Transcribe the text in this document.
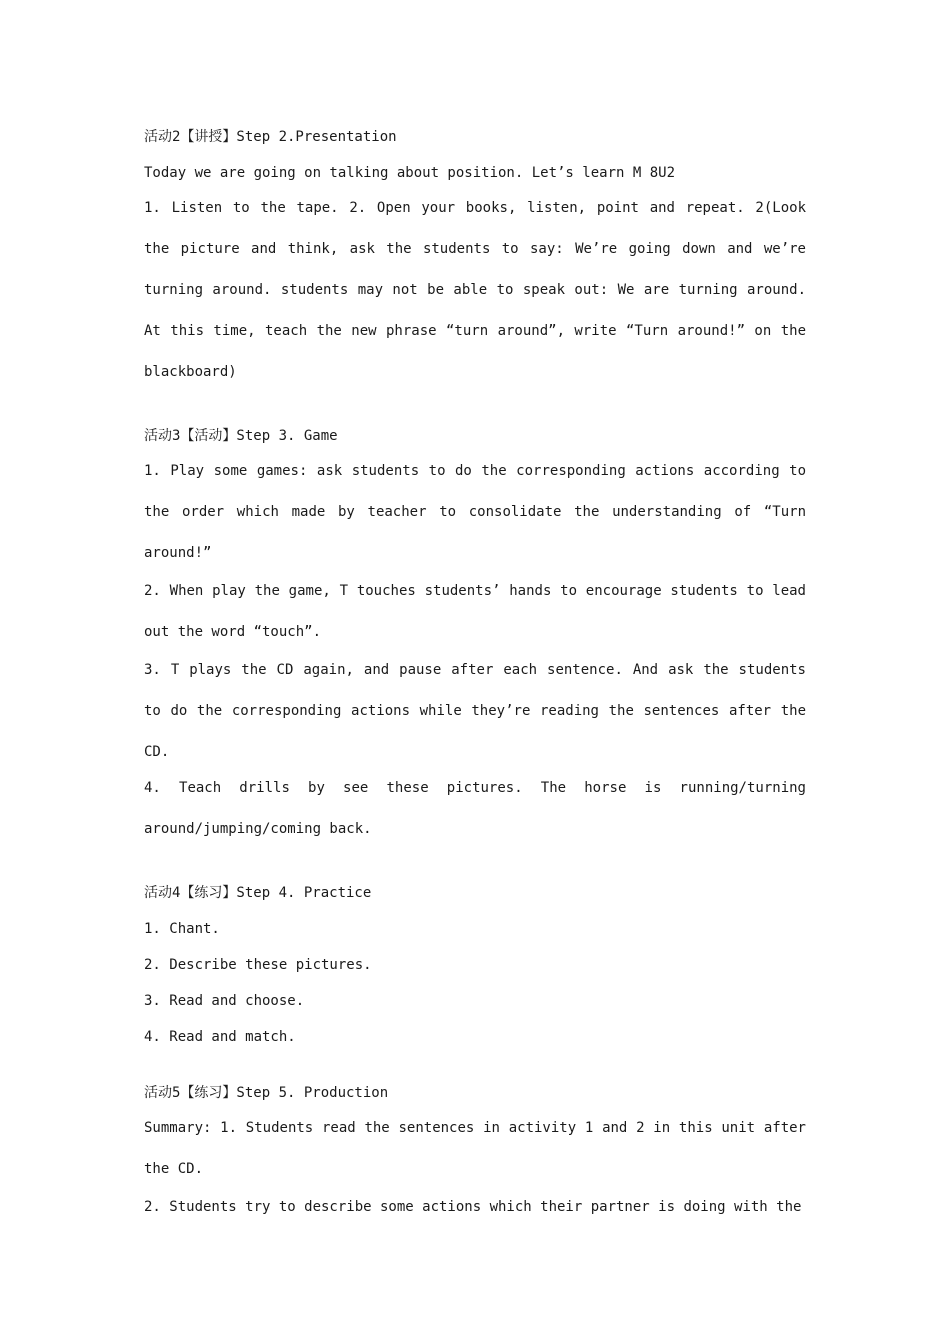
活动2【讲授】Step 2.Presentation

Today we are going on talking about position. Let’s learn M 8U2

1. Listen to the tape. 2. Open your books, listen, point and repeat. 2(Look the picture and think, ask the students to say: We’re going down and we’re turning around. students may not be able to speak out: We are turning around. At this time, teach the new phrase “turn around”, write “Turn around!” on the blackboard)

活动3【活动】Step 3. Game

1. Play some games: ask students to do the corresponding actions according to the order which made by teacher to consolidate the understanding of “Turn around!”

2. When play the game, T touches students’ hands to encourage students to lead out the word “touch”.

3. T plays the CD again, and pause after each sentence. And ask the students to do the corresponding actions while they’re reading the sentences after the CD.

4. Teach drills by see these pictures. The horse is running/turning around/jumping/coming back.

活动4【练习】Step 4. Practice

1. Chant.

2. Describe these pictures.

3. Read and choose.

4. Read and match.

活动5【练习】Step 5. Production

Summary: 1. Students read the sentences in activity 1 and 2 in this unit after the CD.

2. Students try to describe some actions which their partner is doing with the
